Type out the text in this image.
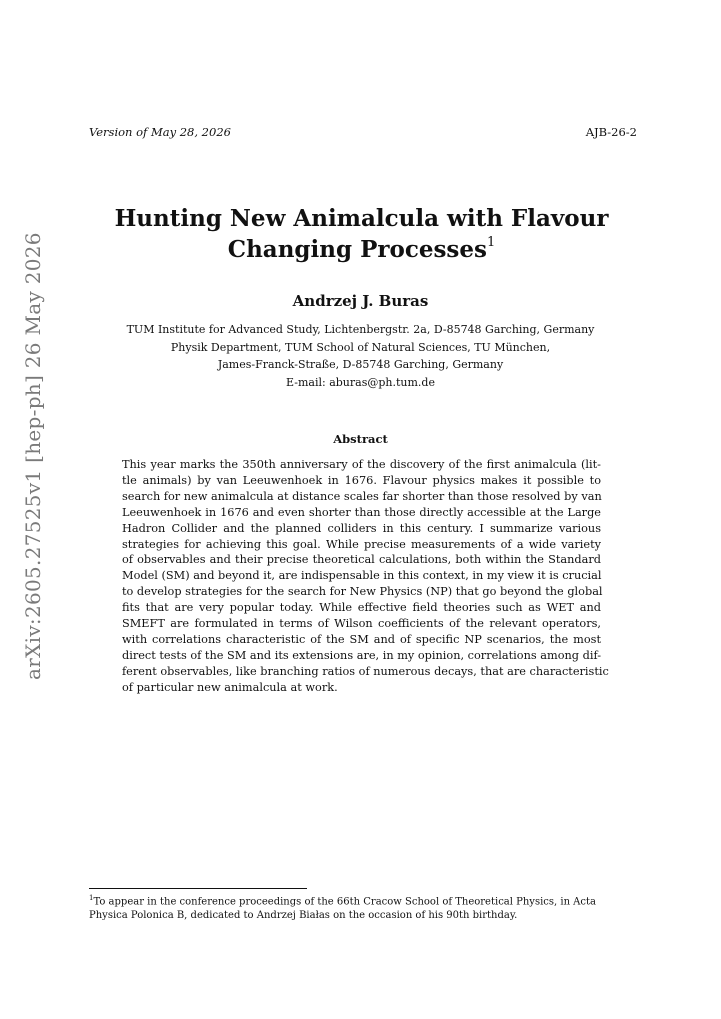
Version of May 28, 2026	AJB-26-2
arXiv:2605.27525v1 [hep-ph] 26 May 2026
Hunting New Animalcula with Flavour
Changing Processes$^1$
Andrzej J. Buras
TUM Institute for Advanced Study, Lichtenbergstr. 2a, D-85748 Garching, Germany
Physik Department, TUM School of Natural Sciences, TU München,
James-Franck-Straße, D-85748 Garching, Germany
E-mail: aburas@ph.tum.de
Abstract
This year marks the 350th anniversary of the discovery of the first animalcula (lit-
tle animals) by van Leeuwenhoek in 1676. Flavour physics makes it possible to
search for new animalcula at distance scales far shorter than those resolved by van
Leeuwenhoek in 1676 and even shorter than those directly accessible at the Large
Hadron Collider and the planned colliders in this century. I summarize various
strategies for achieving this goal. While precise measurements of a wide variety
of observables and their precise theoretical calculations, both within the Standard
Model (SM) and beyond it, are indispensable in this context, in my view it is crucial
to develop strategies for the search for New Physics (NP) that go beyond the global
fits that are very popular today. While effective field theories such as WET and
SMEFT are formulated in terms of Wilson coefficients of the relevant operators,
with correlations characteristic of the SM and of specific NP scenarios, the most
direct tests of the SM and its extensions are, in my opinion, correlations among dif-
ferent observables, like branching ratios of numerous decays, that are characteristic
of particular new animalcula at work.
$^1$To appear in the conference proceedings of the 66th Cracow School of Theoretical Physics, in Acta
Physica Polonica B, dedicated to Andrzej Białas on the occasion of his 90th birthday.
